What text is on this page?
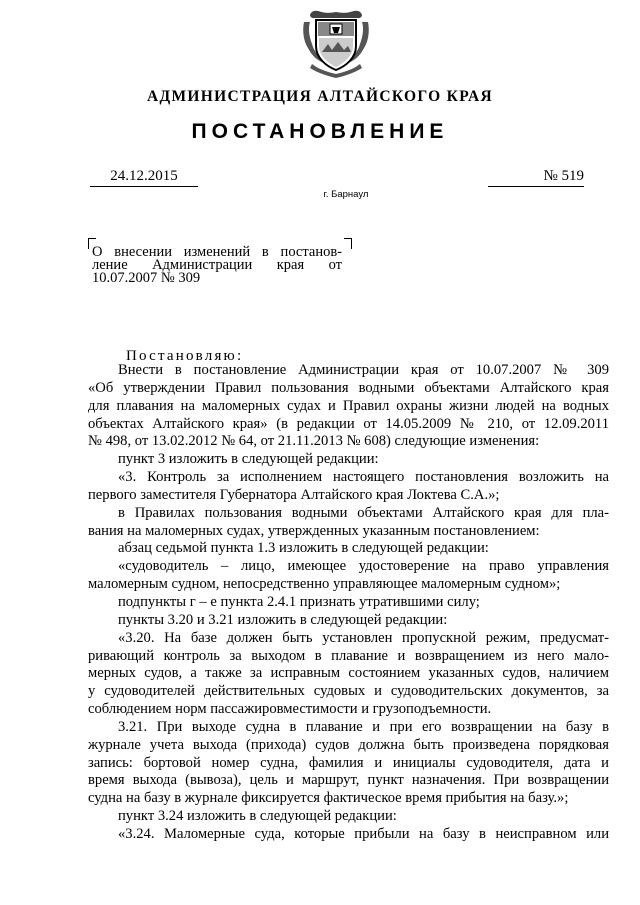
АДМИНИСТРАЦИЯ АЛТАЙСКОГО КРАЯ
ПОСТАНОВЛЕНИЕ
24.12.2015	№ 519
г. Барнаул
О внесении изменений в постанов-
ление Администрации края от
10.07.2007 № 309
Постановляю:
Внести в постановление Администрации края от 10.07.2007 № 309
«Об утверждении Правил пользования водными объектами Алтайского края
для плавания на маломерных судах и Правил охраны жизни людей на водных
объектах Алтайского края» (в редакции от 14.05.2009 № 210, от 12.09.2011
№ 498, от 13.02.2012 № 64, от 21.11.2013 № 608) следующие изменения:
пункт 3 изложить в следующей редакции:
«3. Контроль за исполнением настоящего постановления возложить на
первого заместителя Губернатора Алтайского края Локтева С.А.»;
в Правилах пользования водными объектами Алтайского края для пла-
вания на маломерных судах, утвержденных указанным постановлением:
абзац седьмой пункта 1.3 изложить в следующей редакции:
«судоводитель – лицо, имеющее удостоверение на право управления
маломерным судном, непосредственно управляющее маломерным судном»;
подпункты г – е пункта 2.4.1 признать утратившими силу;
пункты 3.20 и 3.21 изложить в следующей редакции:
«3.20. На базе должен быть установлен пропускной режим, предусмат-
ривающий контроль за выходом в плавание и возвращением из него мало-
мерных судов, а также за исправным состоянием указанных судов, наличием
у судоводителей действительных судовых и судоводительских документов, за
соблюдением норм пассажировместимости и грузоподъемности.
3.21. При выходе судна в плавание и при его возвращении на базу в
журнале учета выхода (прихода) судов должна быть произведена порядковая
запись: бортовой номер судна, фамилия и инициалы судоводителя, дата и
время выхода (вывоза), цель и маршрут, пункт назначения. При возвращении
судна на базу в журнале фиксируется фактическое время прибытия на базу.»;
пункт 3.24 изложить в следующей редакции:
«3.24. Маломерные суда, которые прибыли на базу в неисправном или
